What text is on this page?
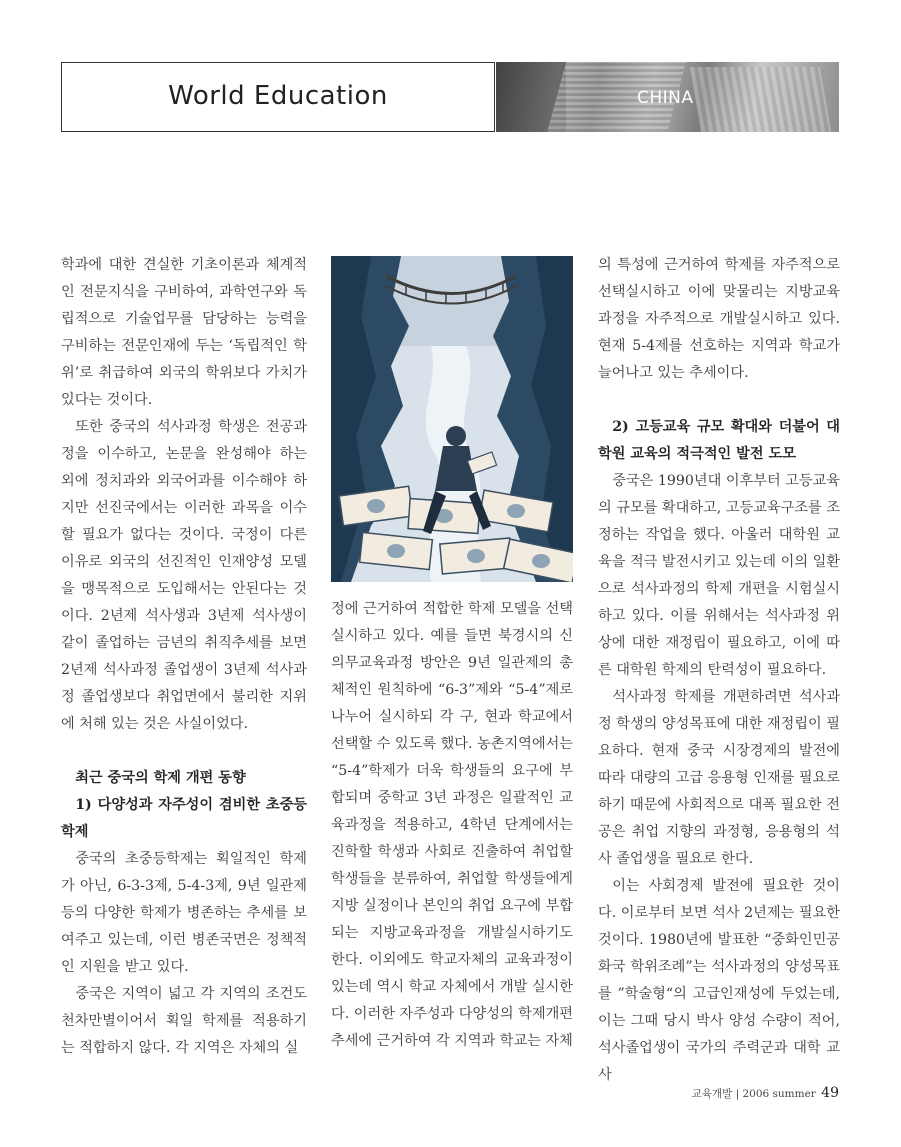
World Education	CHINA

학과에 대한 견실한 기초이론과 체계적 인 전문지식을 구비하여, 과학연구와 독립적으로 기술업무를 담당하는 능력을 구비하는 전문인재에 두는 ‘독립적인 학위’로 취급하여 외국의 학위보다 가치가 있다는 것이다.

또한 중국의 석사과정 학생은 전공과정을 이수하고, 논문을 완성해야 하는 외에 정치과와 외국어과를 이수해야 하지만 선진국에서는 이러한 과목을 이수할 필요가 없다는 것이다. 국정이 다른 이유로 외국의 선진적인 인재양성 모델을 맹목적으로 도입해서는 안된다는 것이다. 2년제 석사생과 3년제 석사생이 같이 졸업하는 금년의 취직추세를 보면 2년제 석사과정 졸업생이 3년제 석사과정 졸업생보다 취업면에서 불리한 지위에 처해 있는 것은 사실이었다.

최근 중국의 학제 개편 동향

1) 다양성과 자주성이 겸비한 초중등 학제

중국의 초중등학제는 획일적인 학제가 아닌, 6-3-3제, 5-4-3제, 9년 일관제 등의 다양한 학제가 병존하는 추세를 보여주고 있는데, 이런 병존국면은 정책적인 지원을 받고 있다.

중국은 지역이 넓고 각 지역의 조건도 천차만별이어서 획일 학제를 적용하기는 적합하지 않다. 각 지역은 자체의 실

정에 근거하여 적합한 학제 모델을 선택 실시하고 있다. 예를 들면 북경시의 신의무교육과정 방안은 9년 일관제의 총체적인 원칙하에 “6-3”제와 “5-4”제로 나누어 실시하되 각 구, 현과 학교에서 선택할 수 있도록 했다. 농촌지역에서는 “5-4”학제가 더욱 학생들의 요구에 부합되며 중학교 3년 과정은 일괄적인 교육과정을 적용하고, 4학년 단계에서는 진학할 학생과 사회로 진출하여 취업할 학생들을 분류하여, 취업할 학생들에게 지방 실정이나 본인의 취업 요구에 부합되는 지방교육과정을 개발실시하기도 한다. 이외에도 학교자체의 교육과정이 있는데 역시 학교 자체에서 개발 실시한다. 이러한 자주성과 다양성의 학제개편 추세에 근거하여 각 지역과 학교는 자체

의 특성에 근거하여 학제를 자주적으로 선택실시하고 이에 맞물리는 지방교육과정을 자주적으로 개발실시하고 있다. 현재 5-4제를 선호하는 지역과 학교가 늘어나고 있는 추세이다.

2) 고등교육 규모 확대와 더불어 대학원 교육의 적극적인 발전 도모

중국은 1990년대 이후부터 고등교육의 규모를 확대하고, 고등교육구조를 조정하는 작업을 했다. 아울러 대학원 교육을 적극 발전시키고 있는데 이의 일환으로 석사과정의 학제 개편을 시험실시하고 있다. 이를 위해서는 석사과정 위상에 대한 재정립이 필요하고, 이에 따른 대학원 학제의 탄력성이 필요하다.

석사과정 학제를 개편하려면 석사과정 학생의 양성목표에 대한 재정립이 필요하다. 현재 중국 시장경제의 발전에 따라 대량의 고급 응용형 인재를 필요로 하기 때문에 사회적으로 대폭 필요한 전공은 취업 지향의 과정형, 응용형의 석사 졸업생을 필요로 한다.

이는 사회경제 발전에 필요한 것이다. 이로부터 보면 석사 2년제는 필요한 것이다. 1980년에 발표한 “중화인민공화국 학위조례”는 석사과정의 양성목표를 ”학술형“의 고급인재성에 두었는데, 이는 그때 당시 박사 양성 수량이 적어, 석사졸업생이 국가의 주력군과 대학 교사

교육개발 | 2006 summer 49
